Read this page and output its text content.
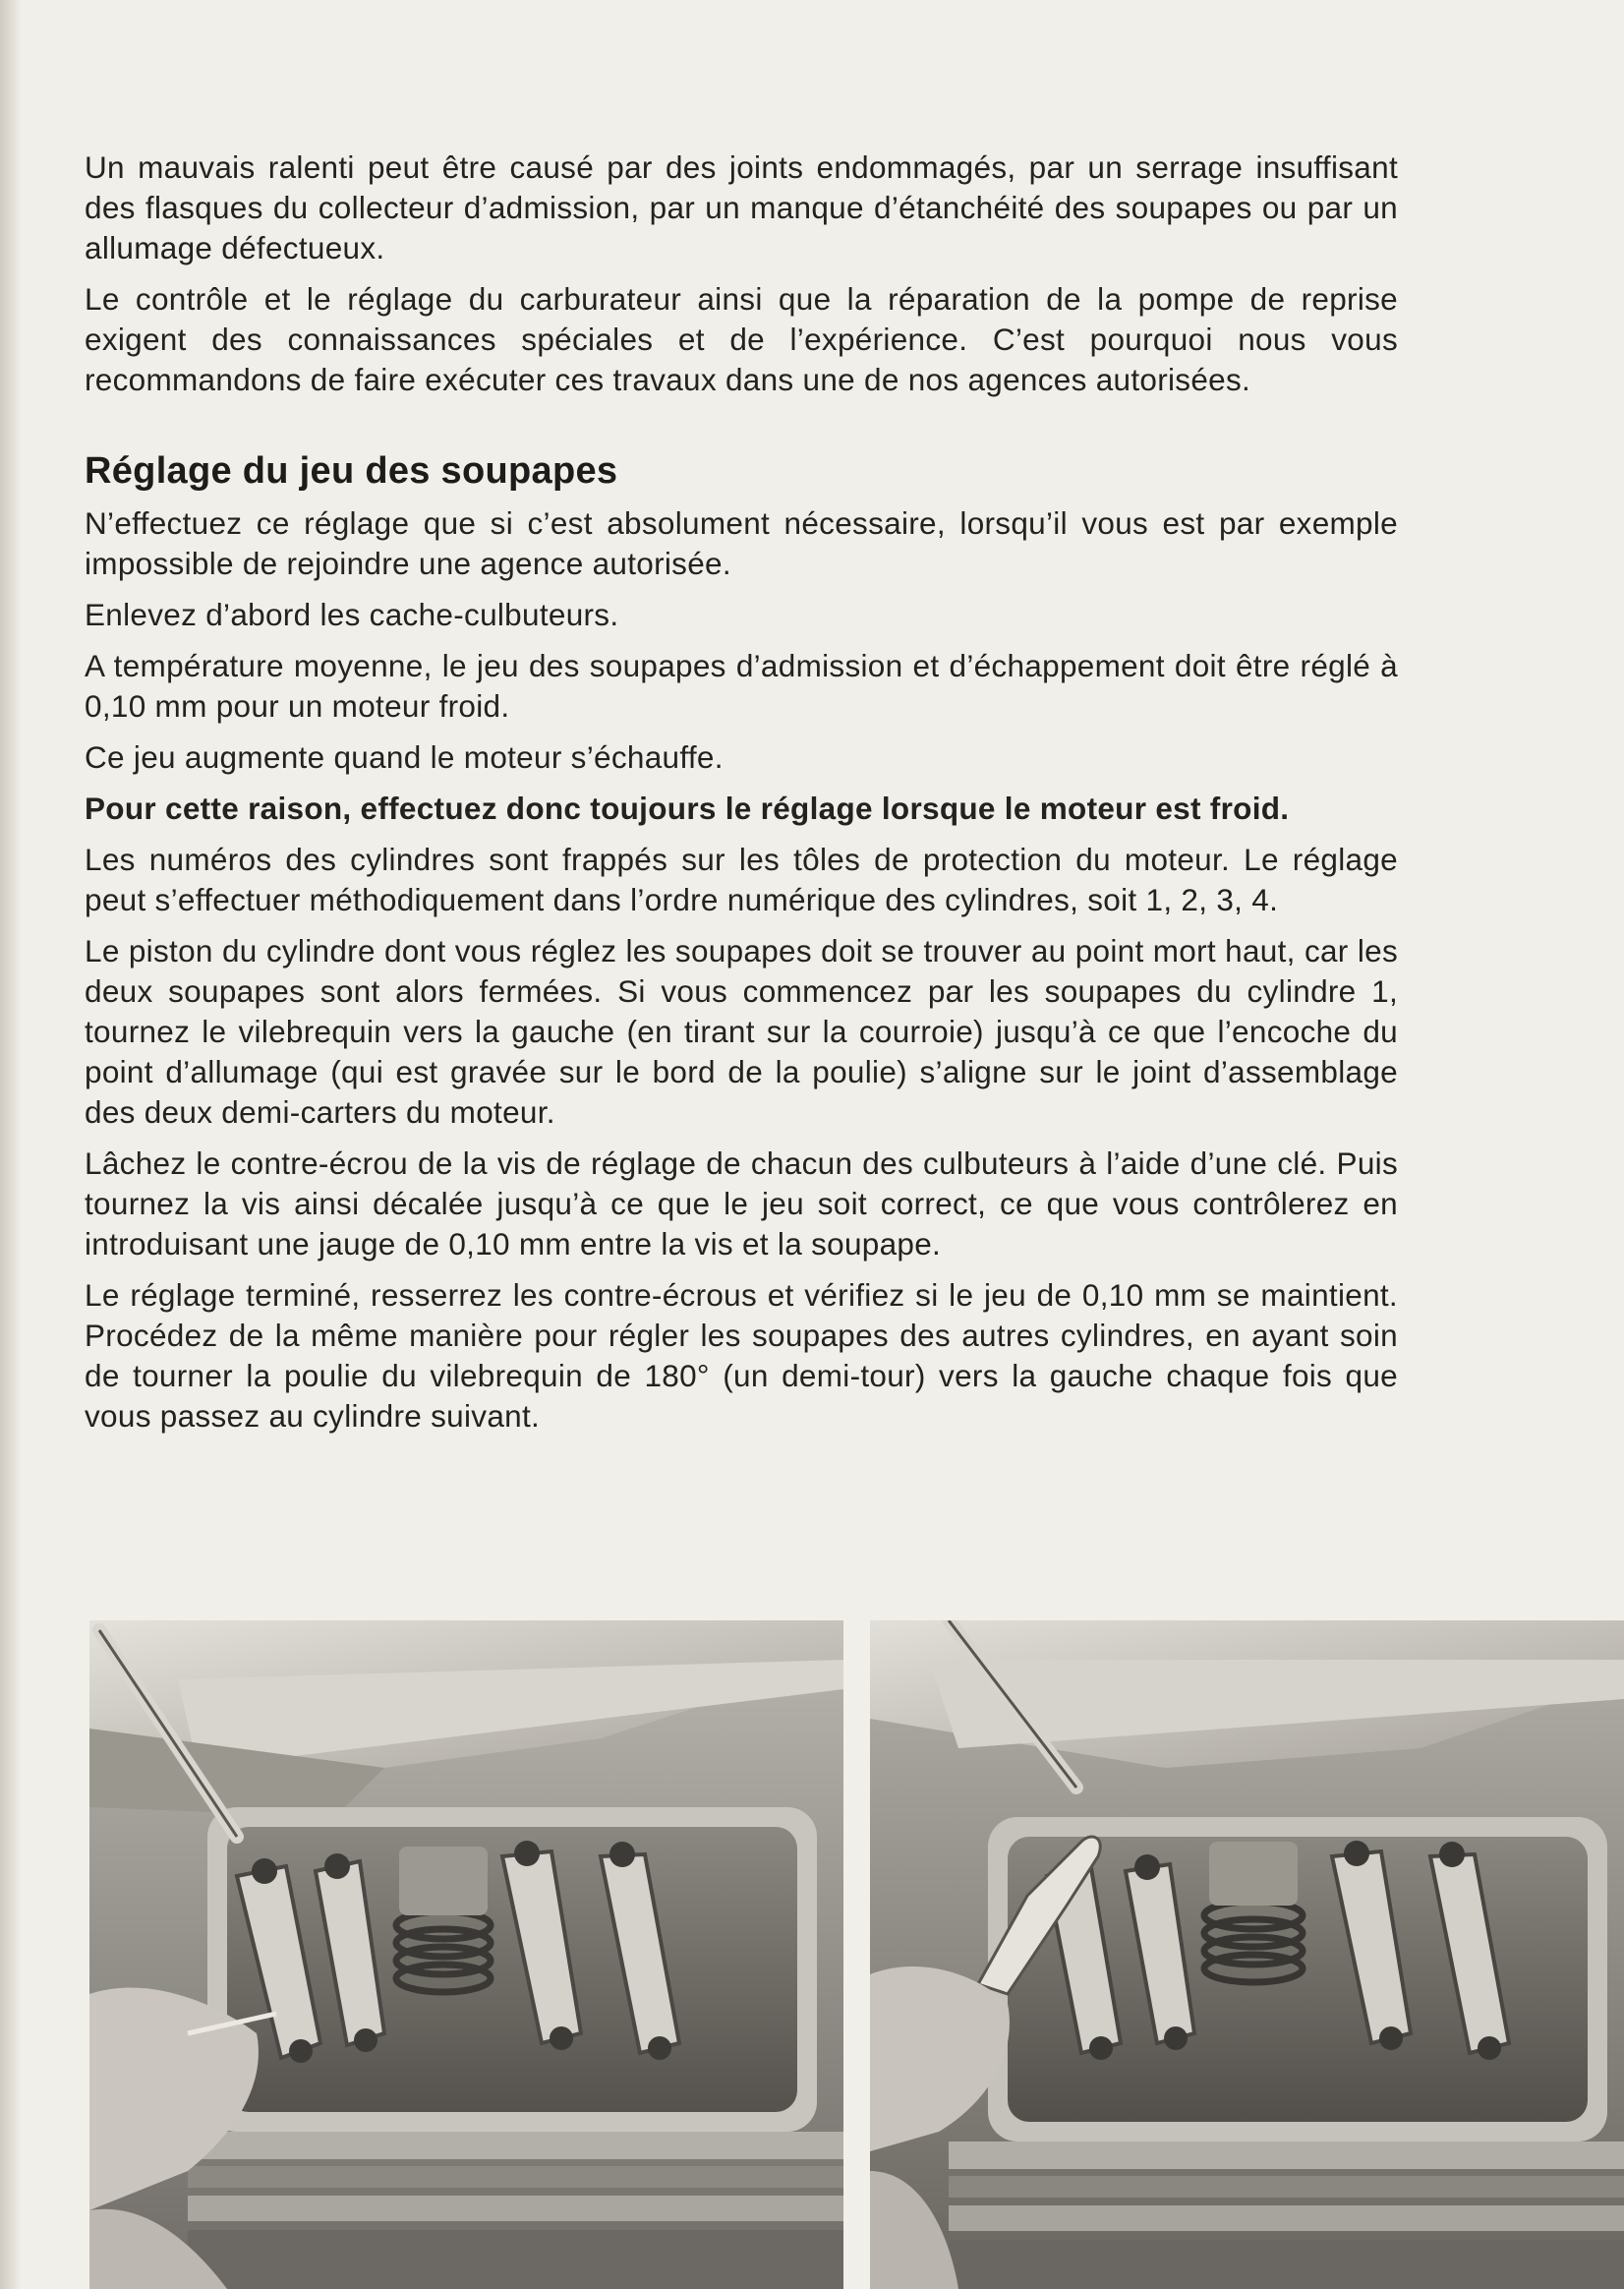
Un mauvais ralenti peut être causé par des joints endommagés, par un serrage insuffisant des flasques du collecteur d’admission, par un manque d’étanchéité des soupapes ou par un allumage défectueux.

Le contrôle et le réglage du carburateur ainsi que la réparation de la pompe de reprise exigent des connaissances spéciales et de l’expérience. C’est pourquoi nous vous recommandons de faire exécuter ces travaux dans une de nos agences autorisées.

Réglage du jeu des soupapes

N’effectuez ce réglage que si c’est absolument nécessaire, lorsqu’il vous est par exemple impossible de rejoindre une agence autorisée.

Enlevez d’abord les cache-culbuteurs.

A température moyenne, le jeu des soupapes d’admission et d’échappement doit être réglé à 0,10 mm pour un moteur froid.

Ce jeu augmente quand le moteur s’échauffe.

Pour cette raison, effectuez donc toujours le réglage lorsque le moteur est froid.

Les numéros des cylindres sont frappés sur les tôles de protection du moteur. Le réglage peut s’effectuer méthodiquement dans l’ordre numérique des cylindres, soit 1, 2, 3, 4.

Le piston du cylindre dont vous réglez les soupapes doit se trouver au point mort haut, car les deux soupapes sont alors fermées. Si vous commencez par les soupapes du cylindre 1, tournez le vilebrequin vers la gauche (en tirant sur la courroie) jusqu’à ce que l’encoche du point d’allumage (qui est gravée sur le bord de la poulie) s’aligne sur le joint d’assemblage des deux demi-carters du moteur.

Lâchez le contre-écrou de la vis de réglage de chacun des culbuteurs à l’aide d’une clé. Puis tournez la vis ainsi décalée jusqu’à ce que le jeu soit correct, ce que vous contrôlerez en introduisant une jauge de 0,10 mm entre la vis et la soupape.

Le réglage terminé, resserrez les contre-écrous et vérifiez si le jeu de 0,10 mm se maintient. Procédez de la même manière pour régler les soupapes des autres cylindres, en ayant soin de tourner la poulie du vilebrequin de 180° (un demi-tour) vers la gauche chaque fois que vous passez au cylindre suivant.
